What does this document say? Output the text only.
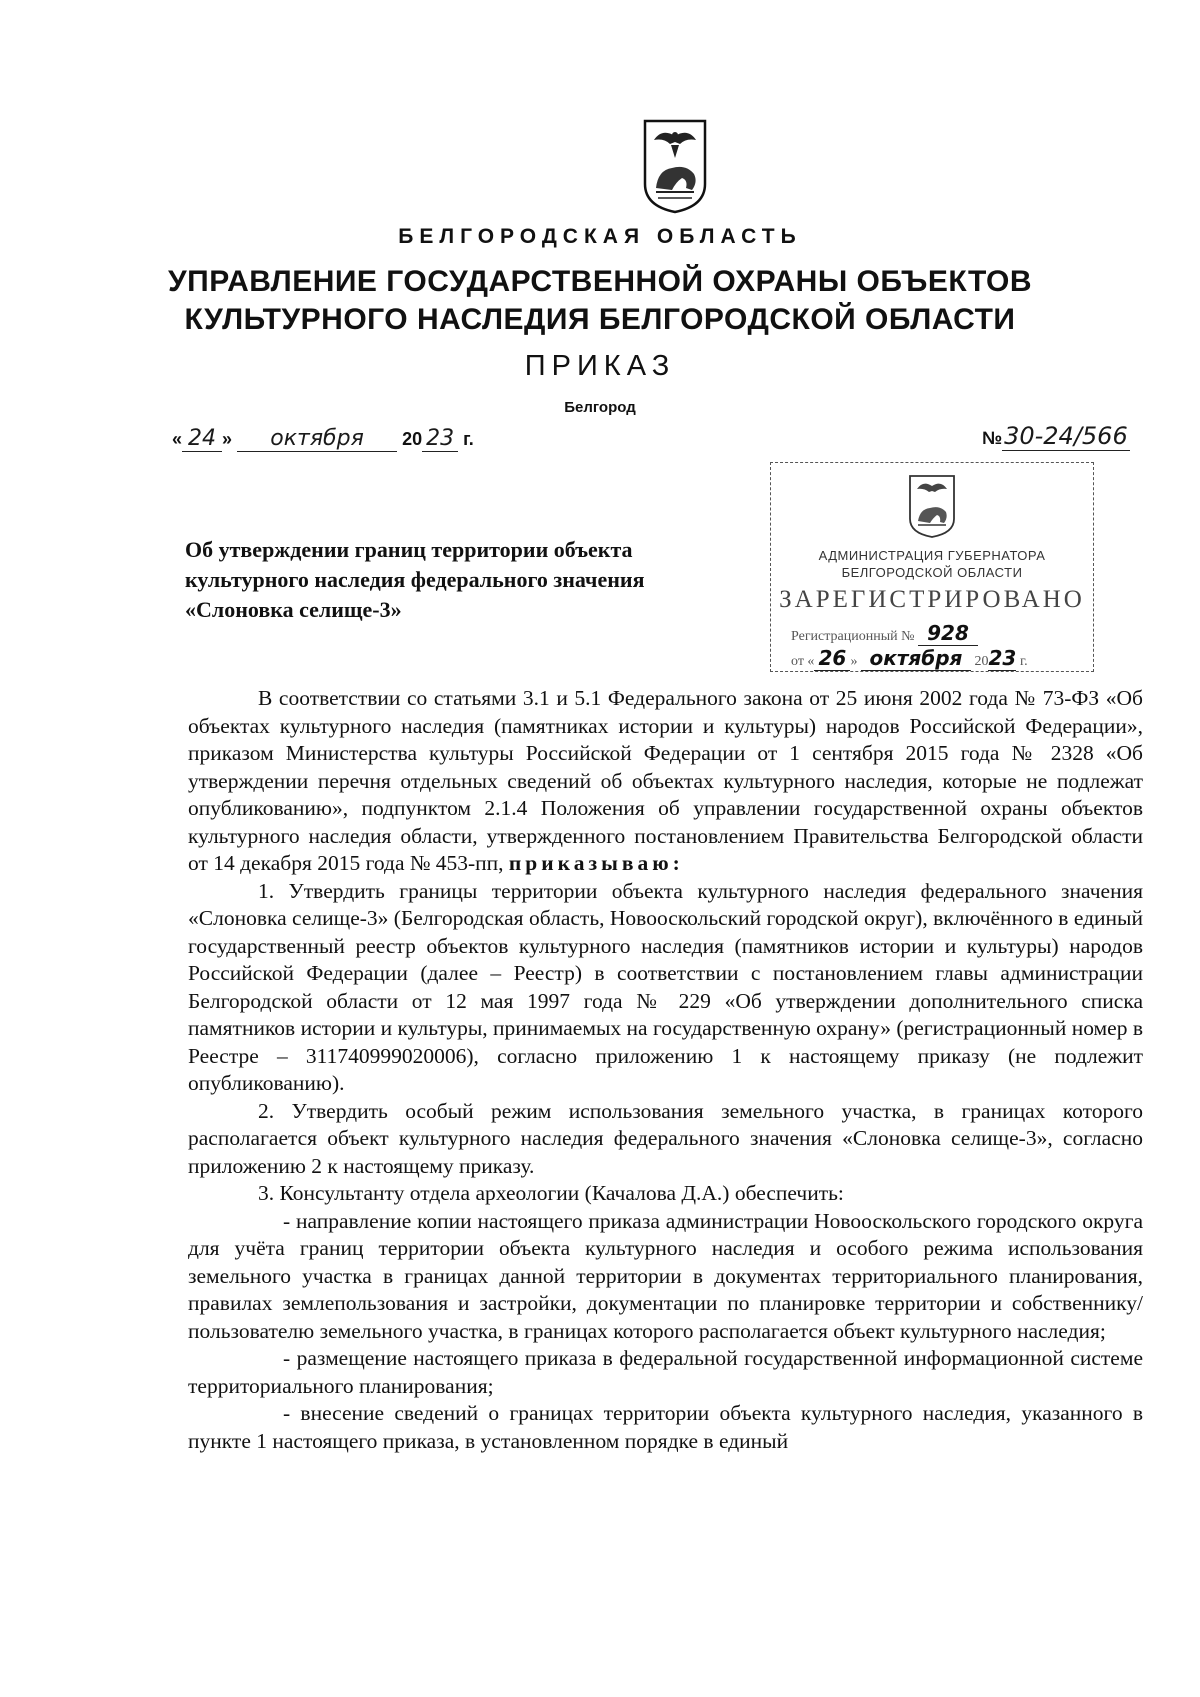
БЕЛГОРОДСКАЯ ОБЛАСТЬ
УПРАВЛЕНИЕ ГОСУДАРСТВЕННОЙ ОХРАНЫ ОБЪЕКТОВ
КУЛЬТУРНОГО НАСЛЕДИЯ БЕЛГОРОДСКОЙ ОБЛАСТИ
ПРИКАЗ
Белгород
« 24 » октября 20 23 г.	№30-24/566
АДМИНИСТРАЦИЯ ГУБЕРНАТОРА
БЕЛГОРОДСКОЙ ОБЛАСТИ
ЗАРЕГИСТРИРОВАНО
Регистрационный № 928
от « 26 » октября 2023 г.
Об утверждении границ территории объекта культурного наследия федерального значения «Слоновка селище-3»

В соответствии со статьями 3.1 и 5.1 Федерального закона от 25 июня 2002 года № 73-ФЗ «Об объектах культурного наследия (памятниках истории и культуры) народов Российской Федерации», приказом Министерства культуры Российской Федерации от 1 сентября 2015 года № 2328 «Об утверждении перечня отдельных сведений об объектах культурного наследия, которые не подлежат опубликованию», подпунктом 2.1.4 Положения об управлении государственной охраны объектов культурного наследия области, утвержденного постановлением Правительства Белгородской области от 14 декабря 2015 года № 453-пп, приказываю:

1. Утвердить границы территории объекта культурного наследия федерального значения «Слоновка селище-3» (Белгородская область, Новооскольский городской округ), включённого в единый государственный реестр объектов культурного наследия (памятников истории и культуры) народов Российской Федерации (далее – Реестр) в соответствии с постановлением главы администрации Белгородской области от 12 мая 1997 года № 229 «Об утверждении дополнительного списка памятников истории и культуры, принимаемых на государственную охрану» (регистрационный номер в Реестре – 311740999020006), согласно приложению 1 к настоящему приказу (не подлежит опубликованию).

2. Утвердить особый режим использования земельного участка, в границах которого располагается объект культурного наследия федерального значения «Слоновка селище-3», согласно приложению 2 к настоящему приказу.

3. Консультанту отдела археологии (Качалова Д.А.) обеспечить:

- направление копии настоящего приказа администрации Новооскольского городского округа для учёта границ территории объекта культурного наследия и особого режима использования земельного участка в границах данной территории в документах территориального планирования, правилах землепользования и застройки, документации по планировке территории и собственнику/пользователю земельного участка, в границах которого располагается объект культурного наследия;

- размещение настоящего приказа в федеральной государственной информационной системе территориального планирования;

- внесение сведений о границах территории объекта культурного наследия, указанного в пункте 1 настоящего приказа, в установленном порядке в единый
